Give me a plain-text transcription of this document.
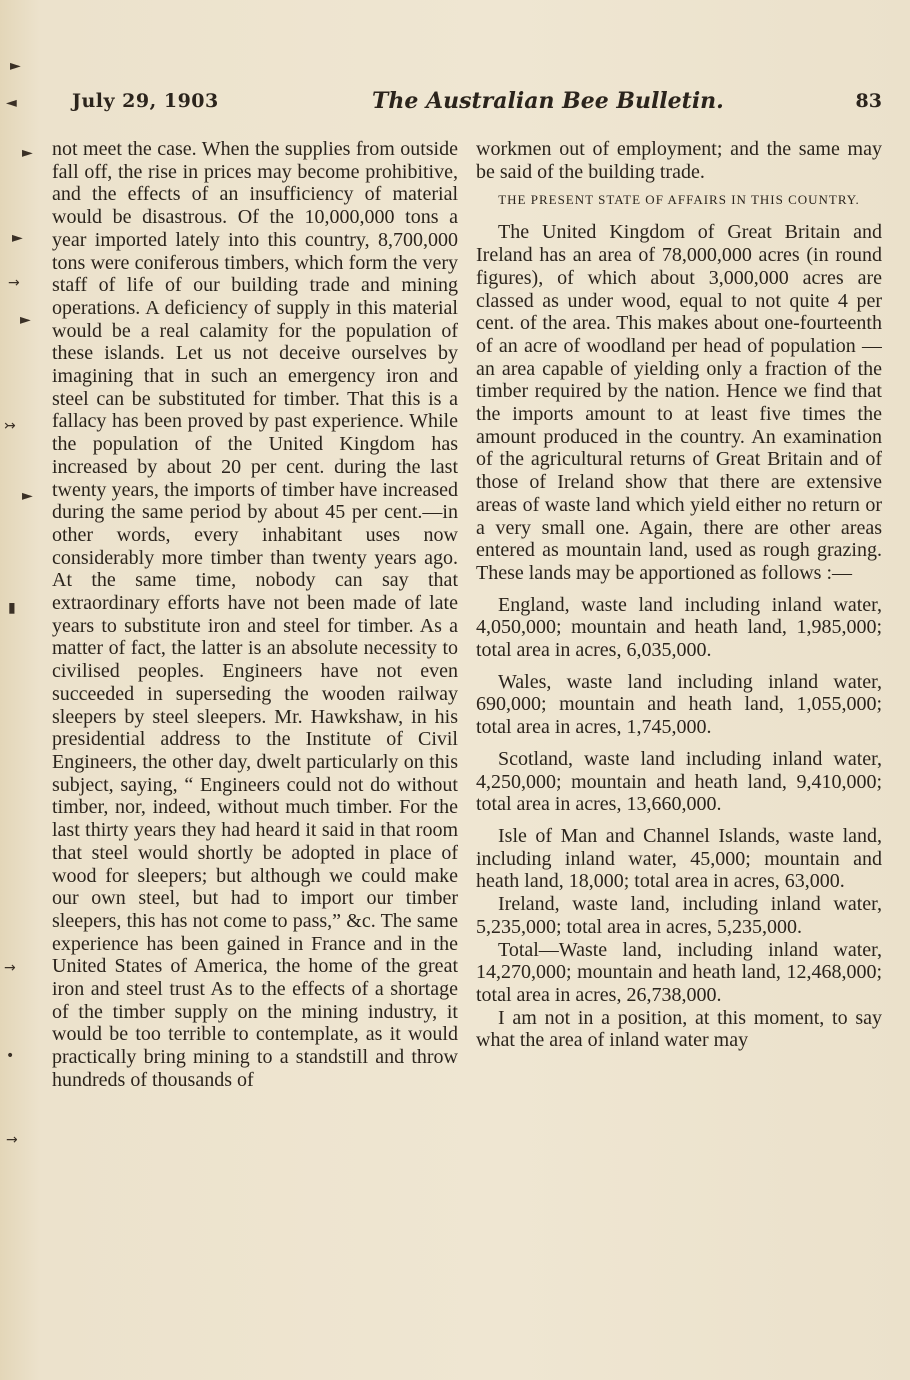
►
◄
►
►
→
►
↣
►
▮
→
•
→
July 29, 1903	The Australian Bee Bulletin.	83

not meet the case. When the supplies from outside fall off, the rise in prices may become prohibitive, and the effects of an insufficiency of material would be disastrous. Of the 10,000,000 tons a year imported lately into this country, 8,700,000 tons were coniferous timbers, which form the very staff of life of our building trade and mining operations. A deficiency of supply in this material would be a real calamity for the population of these islands. Let us not deceive ourselves by imagining that in such an emergency iron and steel can be substituted for timber. That this is a fallacy has been proved by past experience. While the population of the United Kingdom has increased by about 20 per cent. during the last twenty years, the imports of timber have increased during the same period by about 45 per cent.—in other words, every inhabitant uses now considerably more timber than twenty years ago. At the same time, nobody can say that extraordinary efforts have not been made of late years to substitute iron and steel for timber. As a matter of fact, the latter is an absolute necessity to civilised peoples. Engineers have not even succeeded in superseding the wooden railway sleepers by steel sleepers. Mr. Hawkshaw, in his presidential address to the Institute of Civil Engineers, the other day, dwelt particularly on this subject, saying, “ Engineers could not do without timber, nor, indeed, without much timber. For the last thirty years they had heard it said in that room that steel would shortly be adopted in place of wood for sleepers; but although we could make our own steel, but had to import our timber sleepers, this has not come to pass,” &c. The same experience has been gained in France and in the United States of America, the home of the great iron and steel trust As to the effects of a shortage of the timber supply on the mining industry, it would be too terrible to contemplate, as it would practically bring mining to a standstill and throw hundreds of thousands of

workmen out of employment; and the same may be said of the building trade.

THE PRESENT STATE OF AFFAIRS IN THIS COUNTRY.

The United Kingdom of Great Britain and Ireland has an area of 78,000,000 acres (in round figures), of which about 3,000,000 acres are classed as under wood, equal to not quite 4 per cent. of the area. This makes about one-fourteenth of an acre of woodland per head of population —an area capable of yielding only a fraction of the timber required by the nation. Hence we find that the imports amount to at least five times the amount produced in the country. An examination of the agricultural returns of Great Britain and of those of Ireland show that there are extensive areas of waste land which yield either no return or a very small one. Again, there are other areas entered as mountain land, used as rough grazing. These lands may be apportioned as follows :—

England, waste land including inland water, 4,050,000; mountain and heath land, 1,985,000; total area in acres, 6,035,000.

Wales, waste land including inland water, 690,000; mountain and heath land, 1,055,000; total area in acres, 1,745,000.

Scotland, waste land including inland water, 4,250,000; mountain and heath land, 9,410,000; total area in acres, 13,660,000.

Isle of Man and Channel Islands, waste land, including inland water, 45,000; mountain and heath land, 18,000; total area in acres, 63,000.

Ireland, waste land, including inland water, 5,235,000; total area in acres, 5,235,000.

Total—Waste land, including inland water, 14,270,000; mountain and heath land, 12,468,000; total area in acres, 26,738,000.

I am not in a position, at this moment, to say what the area of inland water may
